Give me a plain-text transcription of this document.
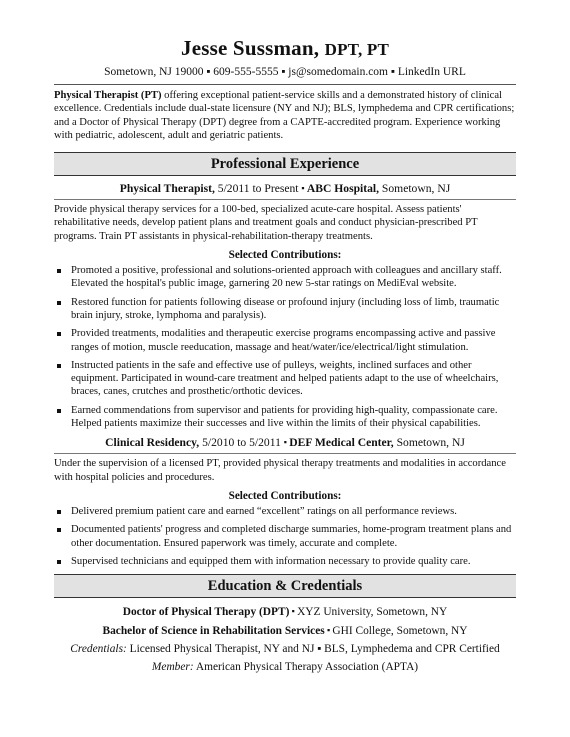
Jesse Sussman, DPT, PT
Sometown, NJ 19000 ▪ 609-555-5555 ▪ js@somedomain.com ▪ LinkedIn URL
Physical Therapist (PT) offering exceptional patient-service skills and a demonstrated history of clinical excellence. Credentials include dual-state licensure (NY and NJ); BLS, lymphedema and CPR certifications; and a Doctor of Physical Therapy (DPT) degree from a CAPTE-accredited program. Experience working with pediatric, adolescent, adult and geriatric patients.
Professional Experience
Physical Therapist, 5/2011 to Present ▪ ABC Hospital, Sometown, NJ
Provide physical therapy services for a 100-bed, specialized acute-care hospital. Assess patients' rehabilitative needs, develop patient plans and treatment goals and conduct physician-prescribed PT programs. Train PT assistants in physical-rehabilitation-therapy treatments.
Selected Contributions:
Promoted a positive, professional and solutions-oriented approach with colleagues and ancillary staff. Elevated the hospital's public image, garnering 20 new 5-star ratings on MediEval website.
Restored function for patients following disease or profound injury (including loss of limb, traumatic brain injury, stroke, lymphoma and paralysis).
Provided treatments, modalities and therapeutic exercise programs encompassing active and passive ranges of motion, muscle reeducation, massage and heat/water/ice/electrical/light stimulation.
Instructed patients in the safe and effective use of pulleys, weights, inclined surfaces and other equipment. Participated in wound-care treatment and helped patients adapt to the use of wheelchairs, braces, canes, crutches and prosthetic/orthotic devices.
Earned commendations from supervisor and patients for providing high-quality, compassionate care. Helped patients maximize their successes and live within the limits of their physical capabilities.
Clinical Residency, 5/2010 to 5/2011 ▪ DEF Medical Center, Sometown, NJ
Under the supervision of a licensed PT, provided physical therapy treatments and modalities in accordance with hospital policies and procedures.
Selected Contributions:
Delivered premium patient care and earned “excellent” ratings on all performance reviews.
Documented patients' progress and completed discharge summaries, home-program treatment plans and other documentation. Ensured paperwork was timely, accurate and complete.
Supervised technicians and equipped them with information necessary to provide quality care.
Education & Credentials
Doctor of Physical Therapy (DPT) ▪ XYZ University, Sometown, NY
Bachelor of Science in Rehabilitation Services ▪ GHI College, Sometown, NY
Credentials: Licensed Physical Therapist, NY and NJ ▪ BLS, Lymphedema and CPR Certified
Member: American Physical Therapy Association (APTA)
